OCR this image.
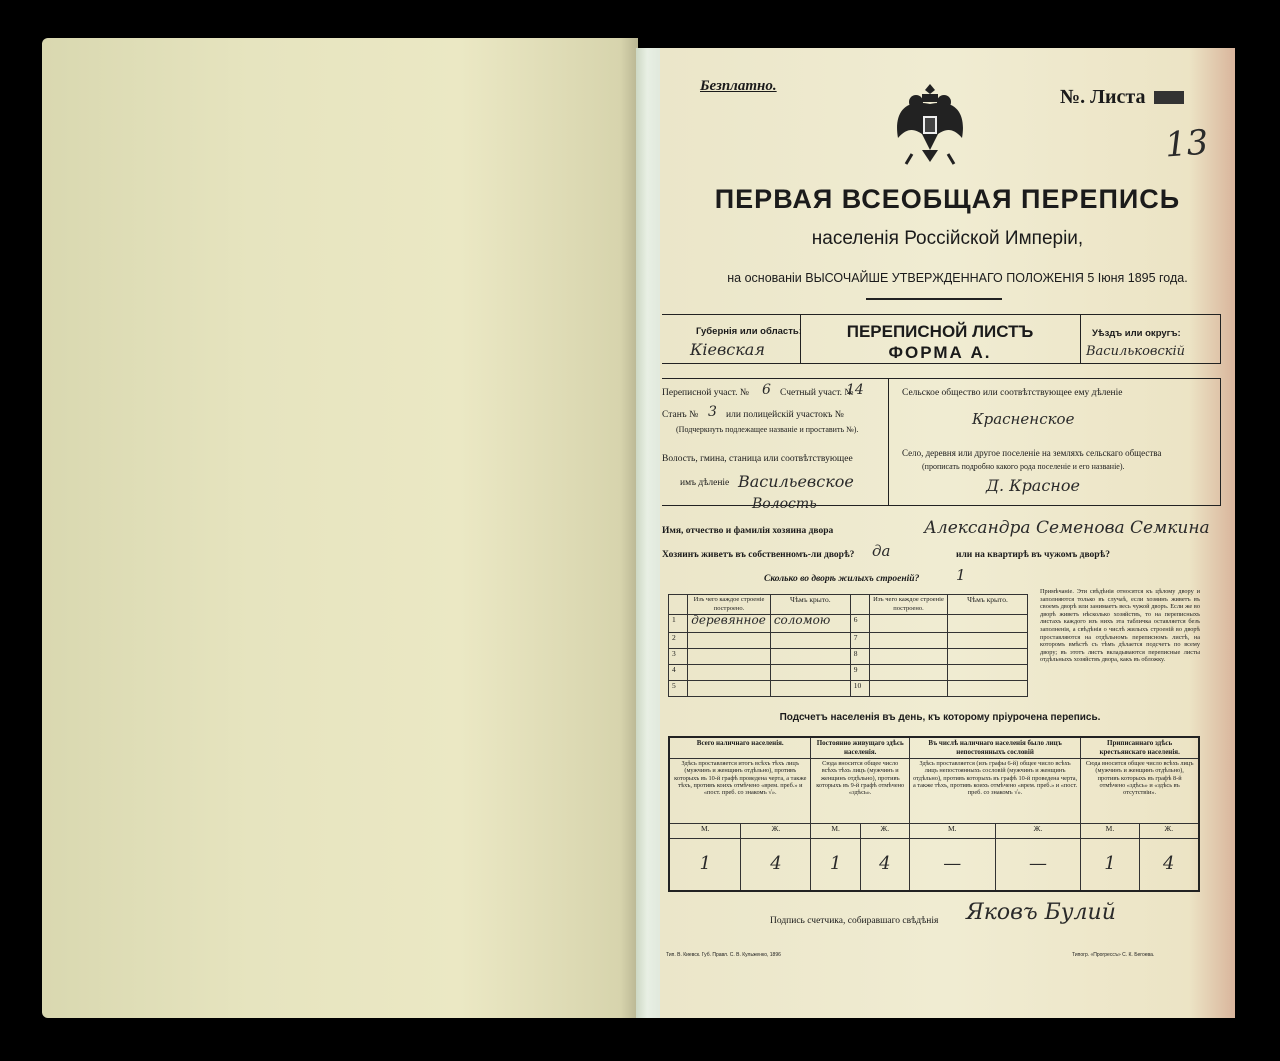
Безплатно.	№. Листа
13
ПЕРВАЯ ВСЕОБЩАЯ ПЕРЕПИСЬ
населенія Россійской Имперіи,
на основаніи ВЫСОЧАЙШЕ УТВЕРЖДЕННАГО ПОЛОЖЕНІЯ 5 Іюня 1895 года.
Губернія или область:
Кіевская
ПЕРЕПИСНОЙ ЛИСТЪ
ФОРМА А.
Уѣздъ или округъ:
Васильковскій
Переписной участ. № 6 Счетный участ. №
14
Станъ № 3 или полицейскій участокъ №
(Подчеркнуть подлежащее названіе и проставить №).
Волость, гмина, станица или соотвѣтствующее
имъ дѣленіе Васильевское
Волость
Сельское общество или соотвѣтствующее ему дѣленіе
Красненское
Село, деревня или другое поселеніе на земляхъ сельскаго общества
(прописать подробно какого рода поселеніе и его названіе).
Д. Красное
Имя, отчество и фамилія хозяина двора	Александра Семенова Семкина
Хозяинъ живетъ въ собственномъ-ли дворѣ? да	или на квартирѣ въ чужомъ дворѣ?
Сколько во дворѣ жилыхъ строеній? 1
	Изъ чего каждое строеніе построено.	Чѣмъ крыто.		Изъ чего каждое строеніе построено.	Чѣмъ крыто.
1	деревянное	соломою	6		
2			7		
3			8		
4			9		
5			10		
Примѣчаніе. Эти свѣдѣнія относятся къ цѣлому двору и заполняются только въ случаѣ, если хозяинъ живетъ въ своемъ дворѣ или занимаетъ весь чужой дворъ. Если же во дворѣ живетъ нѣсколько хозяйствъ, то на переписныхъ листахъ каждого изъ нихъ эта табличка оставляется безъ заполненія, а свѣдѣнія о числѣ жилыхъ строеній во дворѣ проставляются на отдѣльномъ переписномъ листѣ, на которомъ вмѣстѣ съ тѣмъ дѣлается подсчетъ по всему двору; въ этотъ листъ вкладываются переписные листы отдѣльныхъ хозяйствъ двора, какъ въ обложку.
Подсчетъ населенія въ день, къ которому пріурочена перепись.
Всего наличнаго населенія.		Постоянно живущаго здѣсь населенія.		Въ числѣ наличнаго населенія было лицъ непостоянныхъ сословій		Приписаннаго здѣсь крестьянскаго населенія.	
Здѣсь проставляется итогъ всѣхъ тѣхъ лицъ (мужчинъ и женщинъ отдѣльно), противъ которыхъ въ 10-й графѣ проведена черта, а также тѣхъ, противъ коихъ отмѣчено «врем. преб.» и «пост. преб. со знакомъ √».		Сюда вносится общее число всѣхъ тѣхъ лицъ (мужчинъ и женщинъ отдѣльно), противъ которыхъ въ 9-й графѣ отмѣчено «здѣсь».		Здѣсь проставляется (изъ графы 6-й) общее число всѣхъ лицъ непостоянныхъ сословій (мужчинъ и женщинъ отдѣльно), противъ которыхъ въ графѣ 10-й проведена черта, а также тѣхъ, противъ коихъ отмѣчено «врем. преб.» и «пост. преб. со знакомъ √».		Сюда вносится общее число всѣхъ лицъ (мужчинъ и женщинъ отдѣльно), противъ которыхъ въ графѣ 8-й отмѣчено «здѣсь» и «здѣсь въ отсутствіи».	
М.	Ж.	М.	Ж.	М.	Ж.	М.	Ж.
1	4	1	4	—	—	1	4
Подпись счетчика, собиравшаго свѣдѣнія Яковъ Булий
Тип. В. Киевск. Губ. Правл. С. В. Кульженко, 1896	Типогр. «Прогрессъ» С. К. Бегоева.
